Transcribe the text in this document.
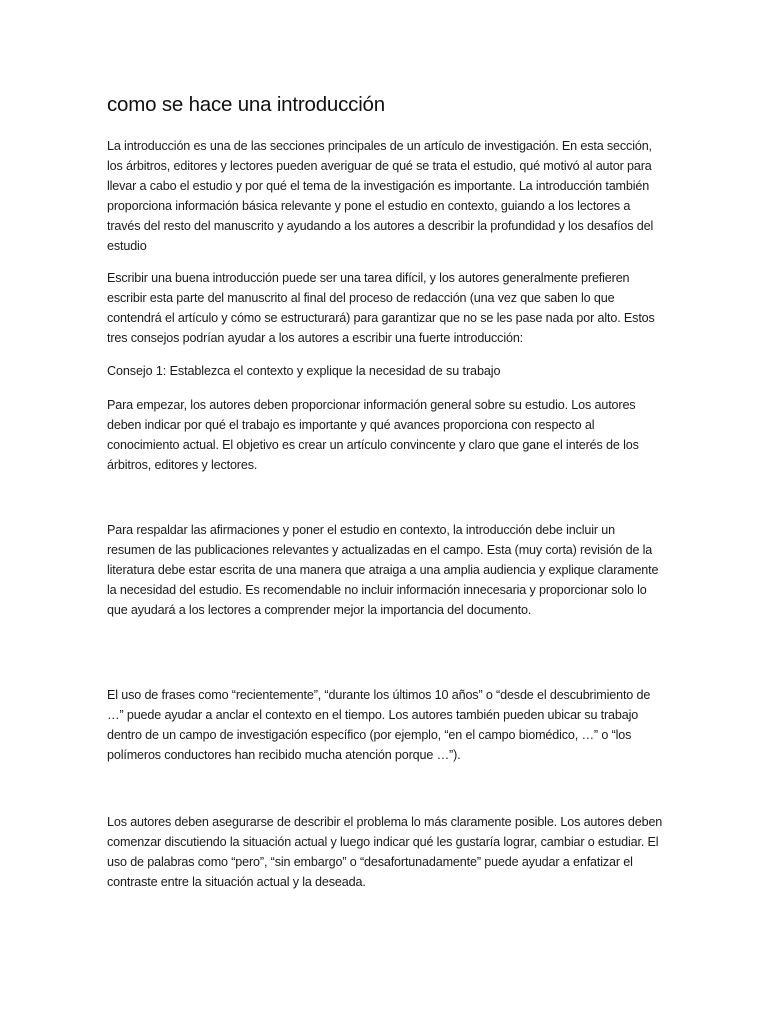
como se hace una introducción

La introducción es una de las secciones principales de un artículo de investigación. En esta sección, los árbitros, editores y lectores pueden averiguar de qué se trata el estudio, qué motivó al autor para llevar a cabo el estudio y por qué el tema de la investigación es importante. La introducción también proporciona información básica relevante y pone el estudio en contexto, guiando a los lectores a través del resto del manuscrito y ayudando a los autores a describir la profundidad y los desafíos del estudio

Escribir una buena introducción puede ser una tarea difícil, y los autores generalmente prefieren escribir esta parte del manuscrito al final del proceso de redacción (una vez que saben lo que contendrá el artículo y cómo se estructurará) para garantizar que no se les pase nada por alto. Estos tres consejos podrían ayudar a los autores a escribir una fuerte introducción:

Consejo 1: Establezca el contexto y explique la necesidad de su trabajo

Para empezar, los autores deben proporcionar información general sobre su estudio. Los autores deben indicar por qué el trabajo es importante y qué avances proporciona con respecto al conocimiento actual. El objetivo es crear un artículo convincente y claro que gane el interés de los árbitros, editores y lectores.

Para respaldar las afirmaciones y poner el estudio en contexto, la introducción debe incluir un resumen de las publicaciones relevantes y actualizadas en el campo. Esta (muy corta) revisión de la literatura debe estar escrita de una manera que atraiga a una amplia audiencia y explique claramente la necesidad del estudio. Es recomendable no incluir información innecesaria y proporcionar solo lo que ayudará a los lectores a comprender mejor la importancia del documento.

El uso de frases como “recientemente”, “durante los últimos 10 años” o “desde el descubrimiento de …” puede ayudar a anclar el contexto en el tiempo. Los autores también pueden ubicar su trabajo dentro de un campo de investigación específico (por ejemplo, “en el campo biomédico, …” o “los polímeros conductores han recibido mucha atención porque …”).

Los autores deben asegurarse de describir el problema lo más claramente posible. Los autores deben comenzar discutiendo la situación actual y luego indicar qué les gustaría lograr, cambiar o estudiar. El uso de palabras como “pero”, “sin embargo” o “desafortunadamente” puede ayudar a enfatizar el contraste entre la situación actual y la deseada.
